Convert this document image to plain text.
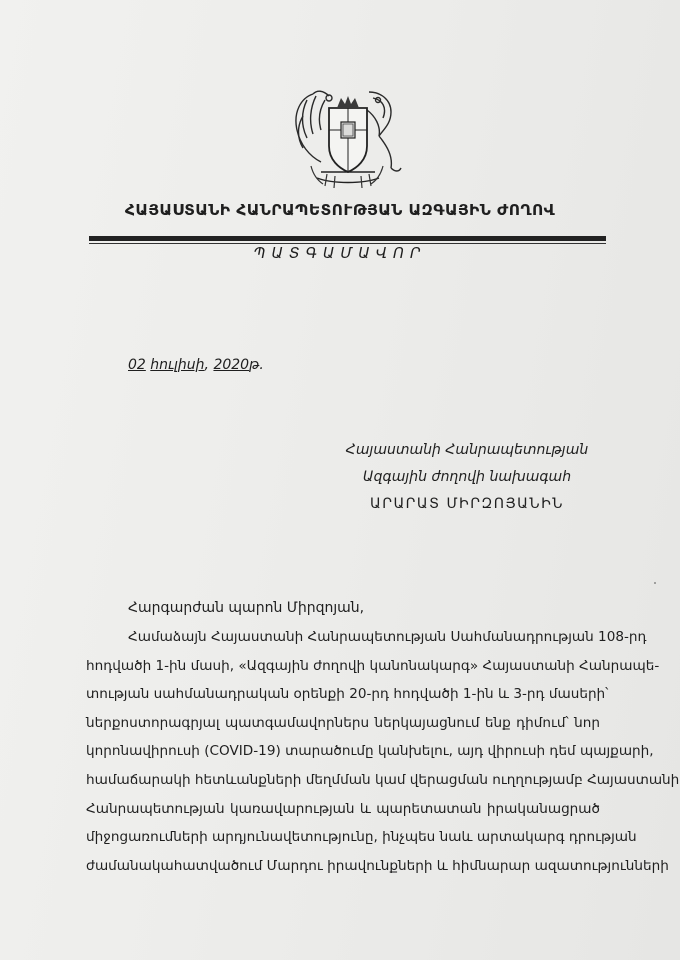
ՀԱՅԱՍՏԱՆԻ ՀԱՆՐԱՊԵՏՈՒԹՅԱՆ ԱԶԳԱՅԻՆ ԺՈՂՈՎ
ՊԱՏԳԱՄԱՎՈՐ
02 հուլիսի, 2020թ.
Հայաստանի Հանրապետության
Ազգային ժողովի նախագահ
ԱՐԱՐԱՏ ՄԻՐԶՈՅԱՆԻՆ
Հարգարժան պարոն Միրզոյան,
Համաձայն Հայաստանի Հանրապետության Սահմանադրության 108-րդ
հոդվածի 1-ին մասի, «Ազգային ժողովի կանոնակարգ» Հայաստանի Հանրապե-
տության սահմանադրական օրենքի 20-րդ հոդվածի 1-ին և 3-րդ մասերի՝
ներքոստորագրյալ պատգամավորներս ներկայացնում ենք դիմում՝ նոր
կորոնավիրուսի (COVID-19) տարածումը կանխելու, այդ վիրուսի դեմ պայքարի,
համաճարակի հետևանքների մեղմման կամ վերացման ուղղությամբ Հայաստանի
Հանրապետության կառավարության և պարետատան իրականացրած
միջոցառումների արդյունավետությունը, ինչպես նաև արտակարգ դրության
ժամանակահատվածում Մարդու իրավունքների և հիմնարար ազատությունների
